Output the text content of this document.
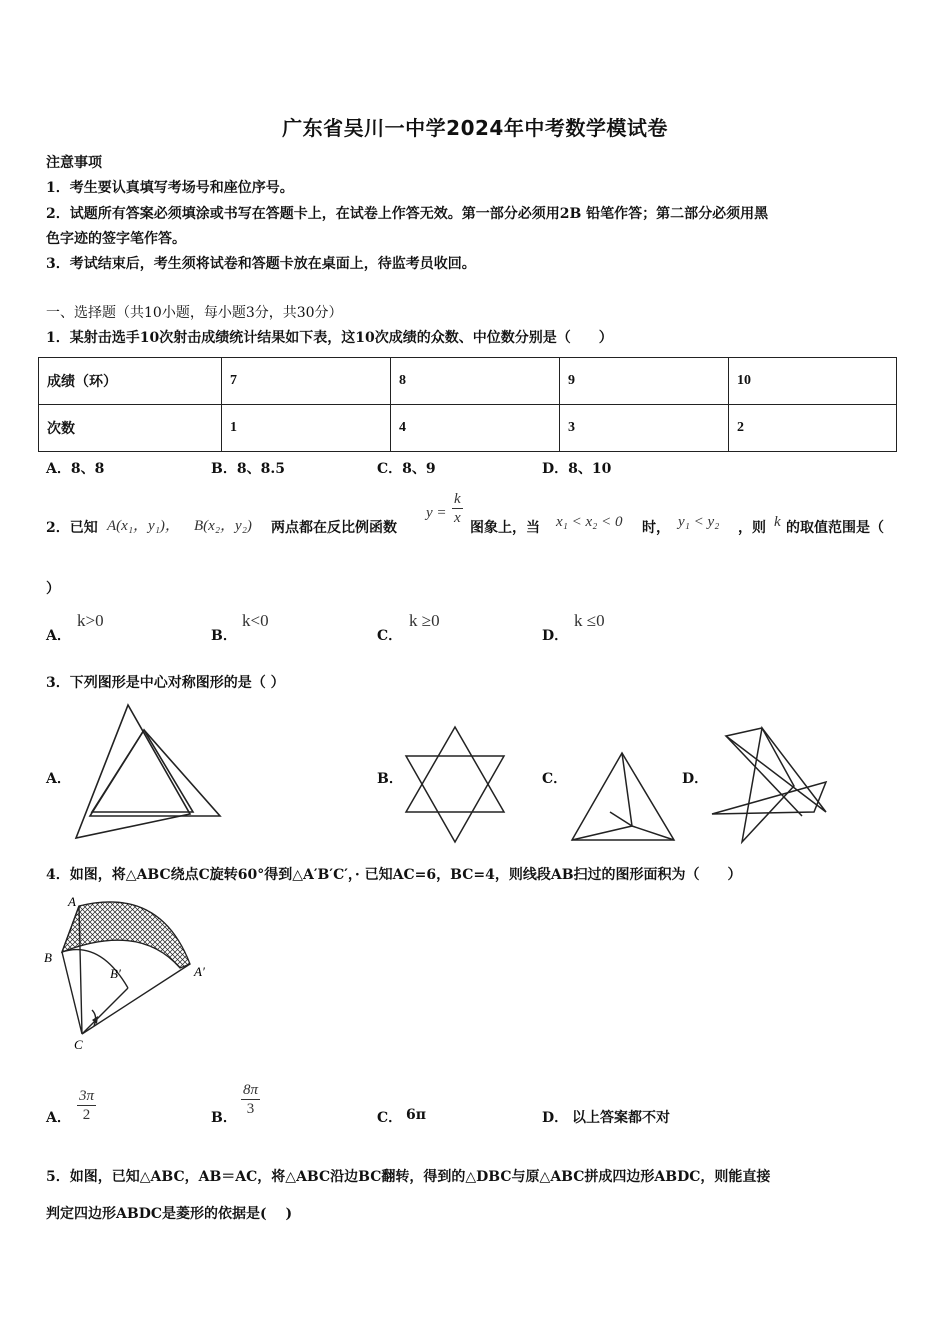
广东省吴川一中学2024年中考数学模试卷
注意事项
1．考生要认真填写考场号和座位序号。
2．试题所有答案必须填涂或书写在答题卡上，在试卷上作答无效。第一部分必须用2B 铅笔作答；第二部分必须用黑
色字迹的签字笔作答。
3．考试结束后，考生须将试卷和答题卡放在桌面上，待监考员收回。
一、选择题（共10小题，每小题3分，共30分）
1．某射击选手10次射击成绩统计结果如下表，这10次成绩的众数、中位数分别是（　　）
成绩（环）	7	8	9	10
次数	1	4	3	2
A．8、8	B．8、8.5	C．8、9	D．8、10
2．已知 A(x₁，y₁)， B(x₂，y₂) 两点都在反比例函数
$y = \frac{k}{x}$
图象上，当 x₁ < x₂ < 0 时， y₁ < y₂ ，则 k 的取值范围是（
）
A．
k>0
B．
k<0
C．
k ≥0
D．
k ≤0
3．下列图形是中心对称图形的是（ ）
A．	B．	C．	D．
4．如图，将△ABC绕点C旋转60°得到△A′B′C′，· 已知AC=6，BC=4，则线段AB扫过的图形面积为（　　）
A
B
B′	A′
C
A． $\frac{3\pi}{2}$	B． $\frac{8\pi}{3}$	C． 6π	D． 以上答案都不对
5．如图，已知△ABC，AB＝AC，将△ABC沿边BC翻转，得到的△DBC与原△ABC拼成四边形ABDC，则能直接
判定四边形ABDC是菱形的依据是(　 )
